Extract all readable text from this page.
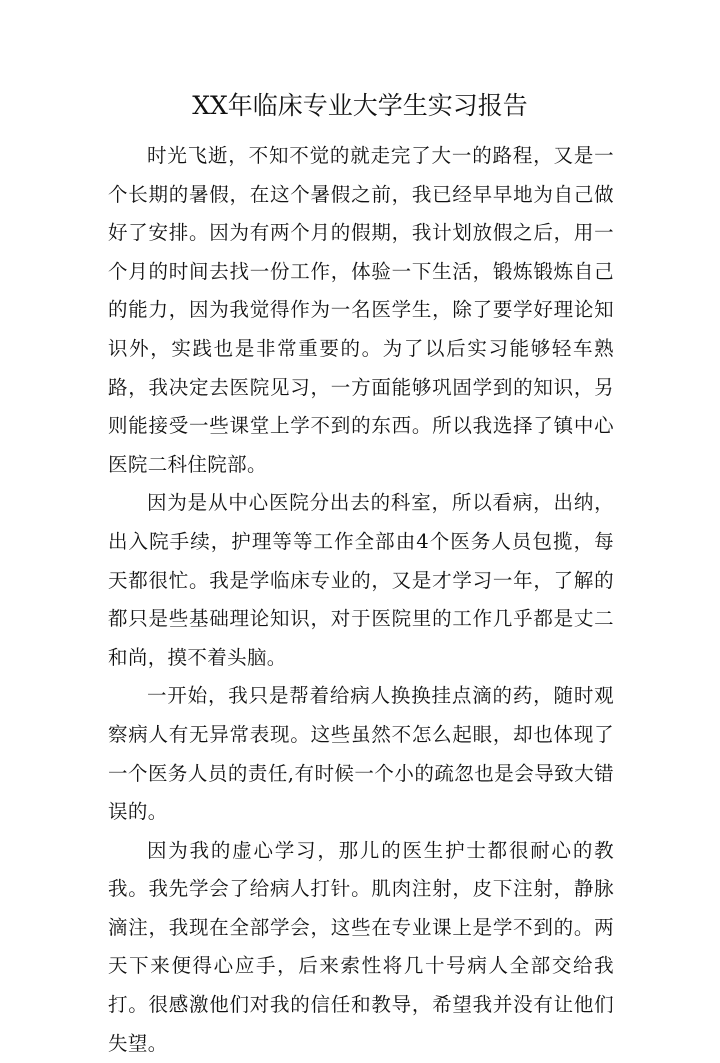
XX年临床专业大学生实习报告

时光飞逝，不知不觉的就走完了大一的路程，又是一个长期的暑假，在这个暑假之前，我已经早早地为自己做好了安排。因为有两个月的假期，我计划放假之后，用一个月的时间去找一份工作，体验一下生活，锻炼锻炼自己的能力，因为我觉得作为一名医学生，除了要学好理论知识外，实践也是非常重要的。为了以后实习能够轻车熟路，我决定去医院见习，一方面能够巩固学到的知识，另则能接受一些课堂上学不到的东西。所以我选择了镇中心医院二科住院部。

因为是从中心医院分出去的科室，所以看病，出纳，出入院手续，护理等等工作全部由4个医务人员包揽，每天都很忙。我是学临床专业的，又是才学习一年，了解的都只是些基础理论知识，对于医院里的工作几乎都是丈二和尚，摸不着头脑。

一开始，我只是帮着给病人换换挂点滴的药，随时观察病人有无异常表现。这些虽然不怎么起眼，却也体现了一个医务人员的责任,有时候一个小的疏忽也是会导致大错误的。

因为我的虚心学习，那儿的医生护士都很耐心的教我。我先学会了给病人打针。肌肉注射，皮下注射，静脉滴注，我现在全部学会，这些在专业课上是学不到的。两天下来便得心应手，后来索性将几十号病人全部交给我打。很感激他们对我的信任和教导，希望我并没有让他们失望。
